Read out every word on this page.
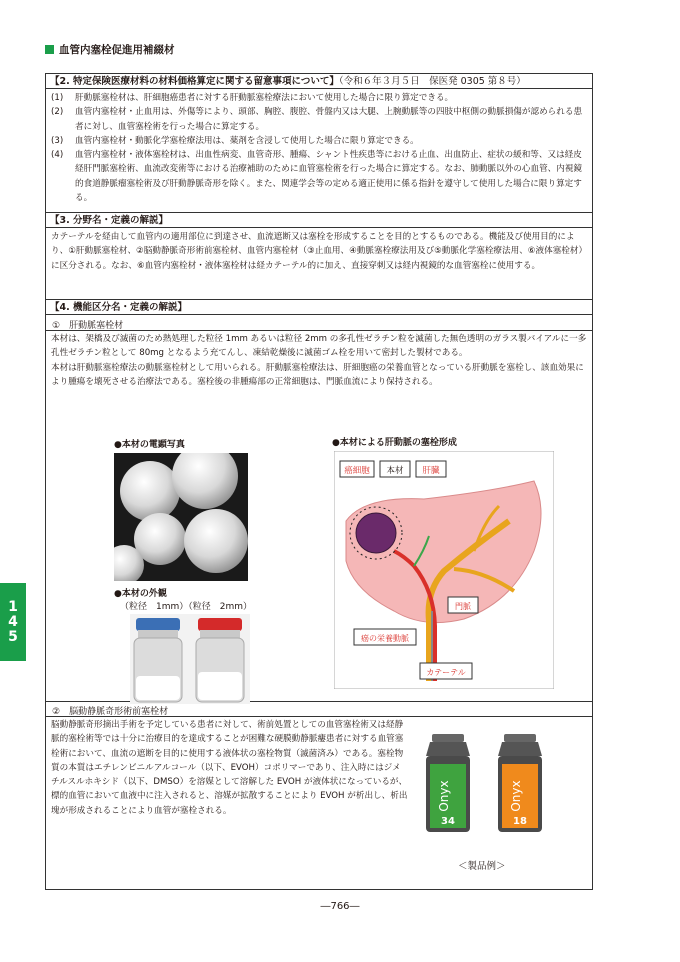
血管内塞栓促進用補綴材
【2. 特定保険医療材料の材料価格算定に関する留意事項について】（令和６年３月５日　保医発 0305 第８号）
(1)	肝動脈塞栓材は、肝細胞癌患者に対する肝動脈塞栓療法において使用した場合に限り算定できる。
(2)	血管内塞栓材・止血用は、外傷等により、頭部、胸腔、腹腔、骨盤内又は大腿、上腕動脈等の四肢中枢側の動脈損傷が認められる患者に対し、血管塞栓術を行った場合に算定する。
(3)	血管内塞栓材・動脈化学塞栓療法用は、薬剤を含浸して使用した場合に限り算定できる。
(4)	血管内塞栓材・液体塞栓材は、出血性病変、血管奇形、腫瘍、シャント性疾患等における止血、出血防止、症状の緩和等、又は経皮経肝門脈塞栓術、血流改変術等における治療補助のために血管塞栓術を行った場合に算定する。なお、肺動脈以外の心血管、内視鏡的食道静脈瘤塞栓術及び肝動静脈奇形を除く。また、関連学会等の定める適正使用に係る指針を遵守して使用した場合に限り算定する。
【3. 分野名・定義の解説】
カテーテルを経由して血管内の適用部位に到達させ、血流遮断又は塞栓を形成することを目的とするものである。機能及び使用目的により、①肝動脈塞栓材、②脳動静脈奇形術前塞栓材、血管内塞栓材（③止血用、④動脈塞栓療法用及び⑤動脈化学塞栓療法用、⑥液体塞栓材）に区分される。なお、⑥血管内塞栓材・液体塞栓材は経カテーテル的に加え、直接穿刺又は経内視鏡的な血管塞栓に使用する。
【4. 機能区分名・定義の解説】
①　肝動脈塞栓材
本材は、架橋及び滅菌のため熱処理した粒径 1mm あるいは粒径 2mm の多孔性ゼラチン粒を滅菌した無色透明のガラス製バイアルに一多孔性ゼラチン粒として 80mg となるよう充てんし、凍結乾燥後に滅菌ゴム栓を用いて密封した製材である。
本材は肝動脈塞栓療法の動脈塞栓材として用いられる。肝動脈塞栓療法は、肝細胞癌の栄養血管となっている肝動脈を塞栓し、該血効果により腫瘍を壊死させる治療法である。塞栓後の非腫瘍部の正常細胞は、門脈血流により保持される。
●本材の電顕写真
●本材の外観
（粒径　1mm）（粒径　2mm）
●本材による肝動脈の塞栓形成
癌細胞 本材 肝臓
門脈
癌の栄養動脈
カテーテル
②　脳動静脈奇形術前塞栓材
脳動静脈奇形摘出手術を予定している患者に対して、術前処置としての血管塞栓術又は経静脈的塞栓術等では十分に治療目的を達成することが困難な硬膜動静脈瘻患者に対する血管塞栓術において、血流の遮断を目的に使用する液体状の塞栓物質（滅菌済み）である。塞栓物質の本質はエチレンビニルアルコール（以下、EVOH）コポリマーであり、注入時にはジメチルスルホキシド（以下、DMSO）を溶媒として溶解した EVOH が液体状になっているが、標的血管において血液中に注入されると、溶媒が拡散することにより EVOH が析出し、析出塊が形成されることにより血管が塞栓される。	Onyx
34
Onyx
18
＜製品例＞
1
4
5
―766―
